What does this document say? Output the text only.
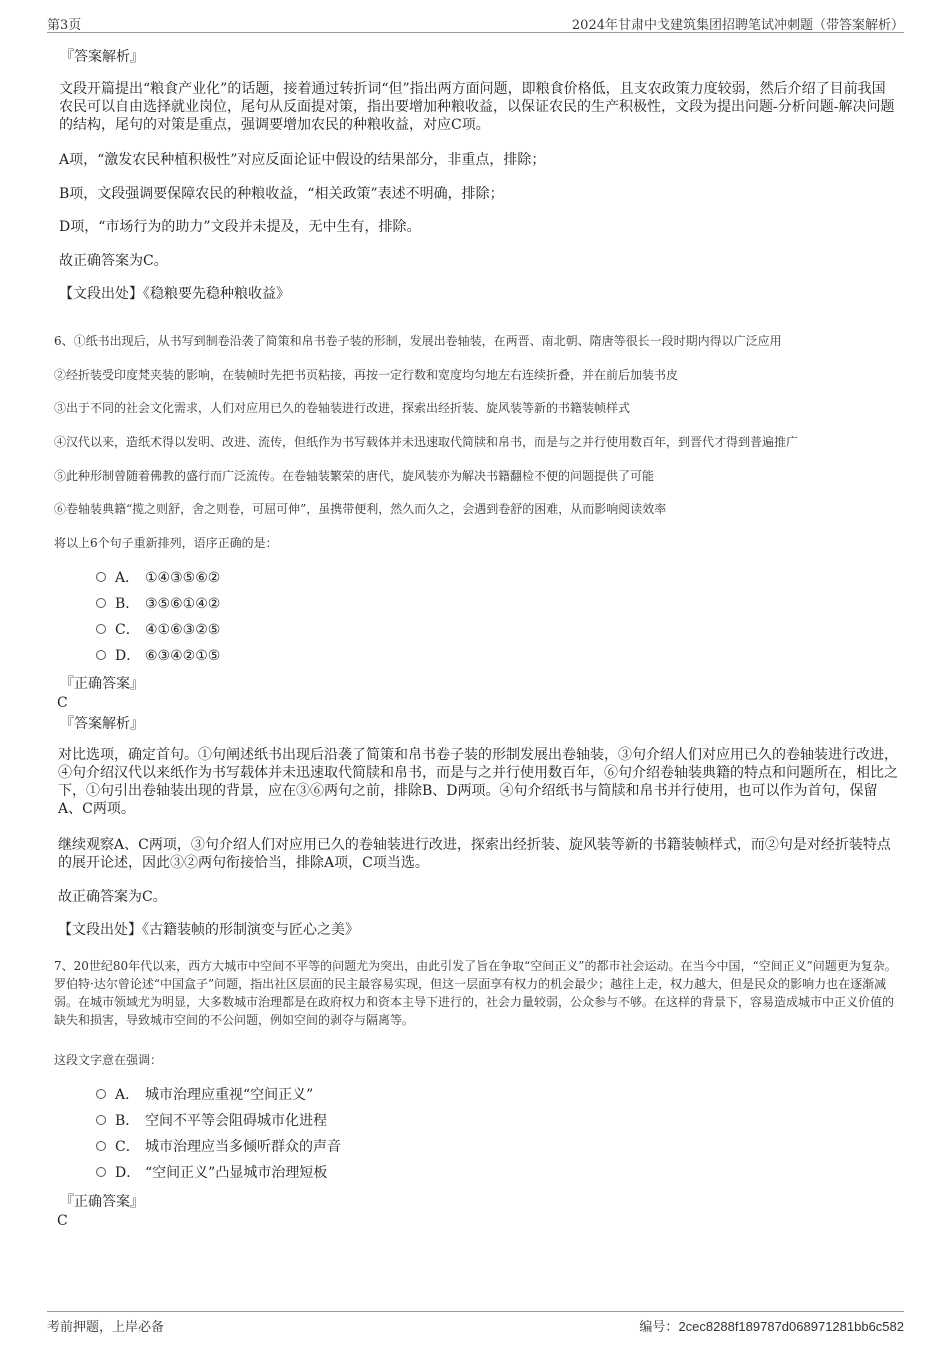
第3页	2024年甘肃中戈建筑集团招聘笔试冲刺题（带答案解析）

『答案解析』

文段开篇提出“粮食产业化”的话题，接着通过转折词“但”指出两方面问题，即粮食价格低，且支农政策力度较弱，然后介绍了目前我国农民可以自由选择就业岗位，尾句从反面提对策，指出要增加种粮收益，以保证农民的生产积极性，文段为提出问题-分析问题-解决问题的结构，尾句的对策是重点，强调要增加农民的种粮收益，对应C项。

A项，“激发农民种植积极性”对应反面论证中假设的结果部分，非重点，排除；

B项，文段强调要保障农民的种粮收益，“相关政策”表述不明确，排除；

D项，“市场行为的助力”文段并未提及，无中生有，排除。

故正确答案为C。

【文段出处】《稳粮要先稳种粮收益》

6、①纸书出现后，从书写到制卷沿袭了简策和帛书卷子装的形制，发展出卷轴装，在两晋、南北朝、隋唐等很长一段时期内得以广泛应用

②经折装受印度梵夹装的影响，在装帧时先把书页粘接，再按一定行数和宽度均匀地左右连续折叠，并在前后加装书皮

③出于不同的社会文化需求，人们对应用已久的卷轴装进行改进，探索出经折装、旋风装等新的书籍装帧样式

④汉代以来，造纸术得以发明、改进、流传，但纸作为书写载体并未迅速取代简牍和帛书，而是与之并行使用数百年，到晋代才得到普遍推广

⑤此种形制曾随着佛教的盛行而广泛流传。在卷轴装繁荣的唐代，旋风装亦为解决书籍翻检不便的问题提供了可能

⑥卷轴装典籍“揽之则舒，舍之则卷，可屈可伸”，虽携带便利，然久而久之，会遇到卷舒的困难，从而影响阅读效率

将以上6个句子重新排列，语序正确的是：

A． ①④③⑤⑥②
B． ③⑤⑥①④②
C． ④①⑥③②⑤
D． ⑥③④②①⑤

『正确答案』

C

『答案解析』

对比选项，确定首句。①句阐述纸书出现后沿袭了简策和帛书卷子装的形制发展出卷轴装，③句介绍人们对应用已久的卷轴装进行改进，④句介绍汉代以来纸作为书写载体并未迅速取代简牍和帛书，而是与之并行使用数百年，⑥句介绍卷轴装典籍的特点和问题所在，相比之下，①句引出卷轴装出现的背景，应在③⑥两句之前，排除B、D两项。④句介绍纸书与简牍和帛书并行使用，也可以作为首句，保留A、C两项。

继续观察A、C两项，③句介绍人们对应用已久的卷轴装进行改进，探索出经折装、旋风装等新的书籍装帧样式，而②句是对经折装特点的展开论述，因此③②两句衔接恰当，排除A项，C项当选。

故正确答案为C。

【文段出处】《古籍装帧的形制演变与匠心之美》

7、20世纪80年代以来，西方大城市中空间不平等的问题尤为突出，由此引发了旨在争取“空间正义”的都市社会运动。在当今中国，“空间正义”问题更为复杂。罗伯特·达尔曾论述“中国盒子”问题，指出社区层面的民主最容易实现，但这一层面享有权力的机会最少；越往上走，权力越大，但是民众的影响力也在逐渐减弱。在城市领域尤为明显，大多数城市治理都是在政府权力和资本主导下进行的，社会力量较弱，公众参与不够。在这样的背景下，容易造成城市中正义价值的缺失和损害，导致城市空间的不公问题，例如空间的剥夺与隔离等。

这段文字意在强调：

A． 城市治理应重视“空间正义”
B． 空间不平等会阻碍城市化进程
C． 城市治理应当多倾听群众的声音
D． “空间正义”凸显城市治理短板

『正确答案』

C

考前押题，上岸必备	编号：2cec8288f189787d068971281bb6c582
